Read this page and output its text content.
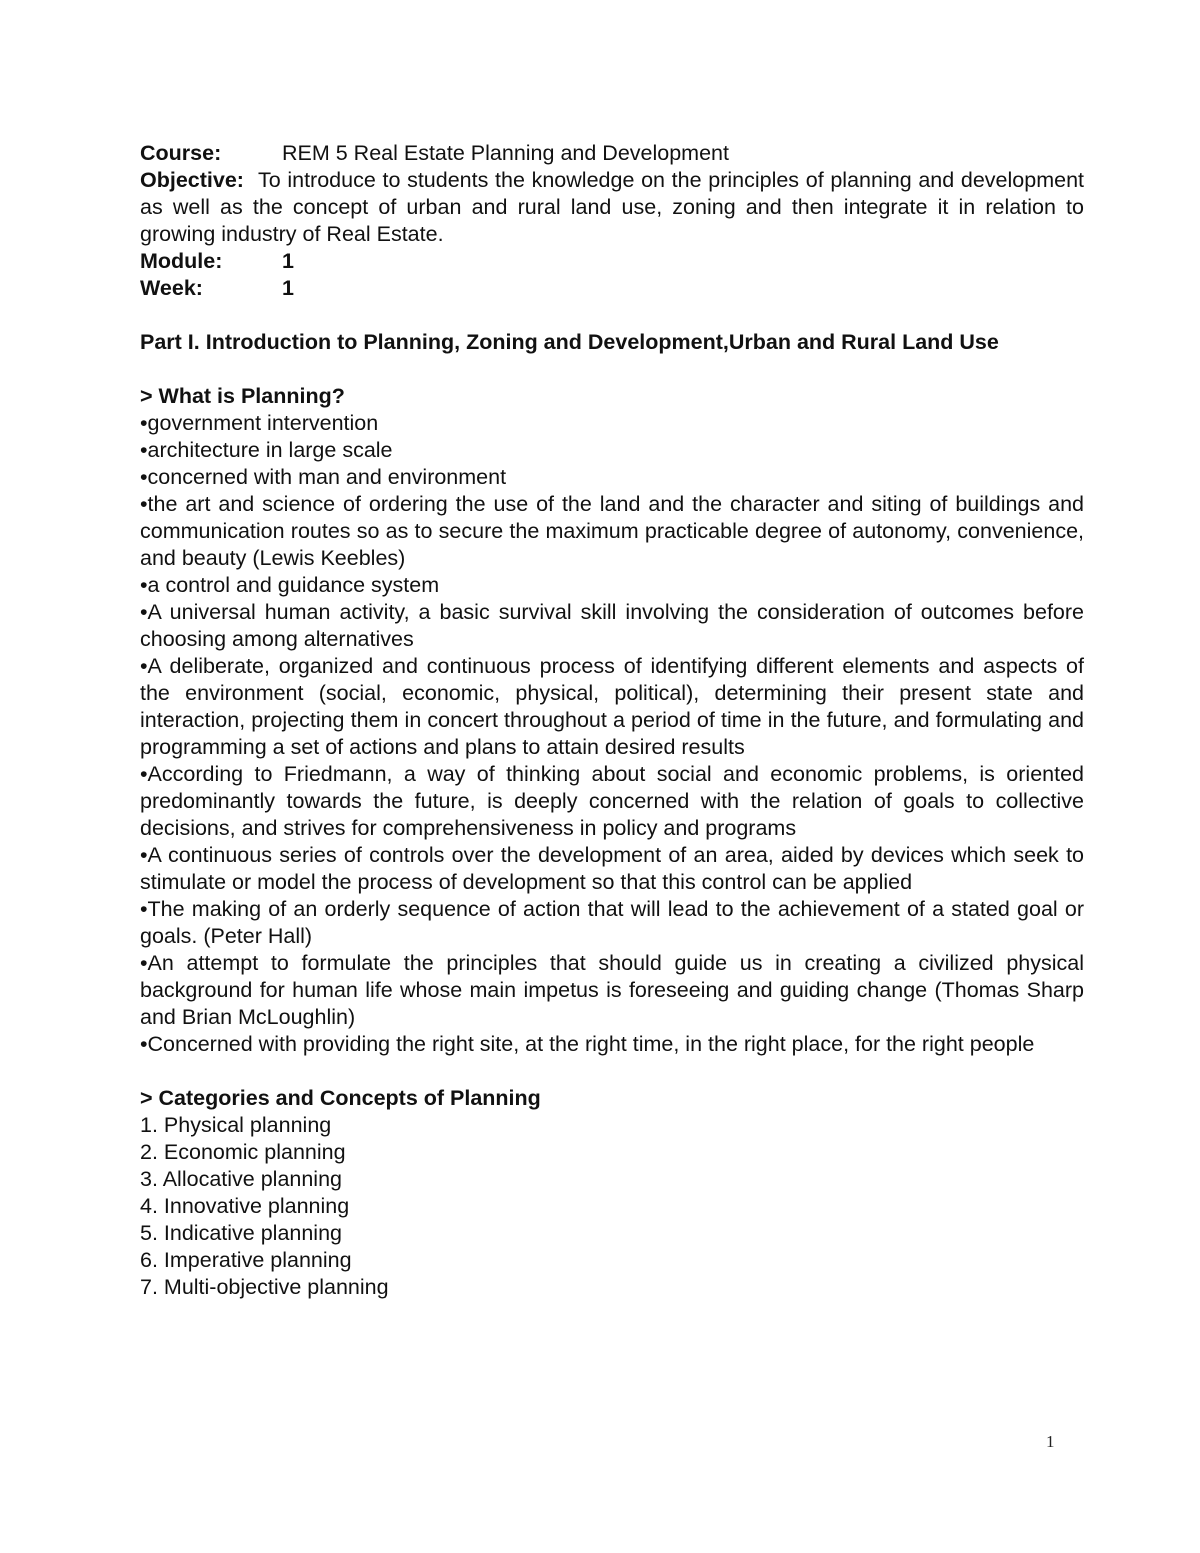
Course:	REM 5 Real Estate Planning and Development

Objective: To introduce to students the knowledge on the principles of planning and development as well as the concept of urban and rural land use, zoning and then integrate it in relation to growing industry of Real Estate.

Module:	1
Week:	1
Part I. Introduction to Planning, Zoning and Development,Urban and Rural Land Use
> What is Planning?
•government intervention
•architecture in large scale
•concerned with man and environment
•the art and science of ordering the use of the land and the character and siting of buildings and communication routes so as to secure the maximum practicable degree of autonomy, convenience, and beauty (Lewis Keebles)
•a control and guidance system
•A universal human activity, a basic survival skill involving the consideration of outcomes before choosing among alternatives
•A deliberate, organized and continuous process of identifying different elements and aspects of the environment (social, economic, physical, political), determining their present state and interaction, projecting them in concert throughout a period of time in the future, and formulating and programming a set of actions and plans to attain desired results
•According to Friedmann, a way of thinking about social and economic problems, is oriented predominantly towards the future, is deeply concerned with the relation of goals to collective decisions, and strives for comprehensiveness in policy and programs
•A continuous series of controls over the development of an area, aided by devices which seek to stimulate or model the process of development so that this control can be applied
•The making of an orderly sequence of action that will lead to the achievement of a stated goal or goals. (Peter Hall)
•An attempt to formulate the principles that should guide us in creating a civilized physical background for human life whose main impetus is foreseeing and guiding change (Thomas Sharp and Brian McLoughlin)
•Concerned with providing the right site, at the right time, in the right place, for the right people
> Categories and Concepts of Planning
1. Physical planning
2. Economic planning
3. Allocative planning
4. Innovative planning
5. Indicative planning
6. Imperative planning
7. Multi-objective planning
1
